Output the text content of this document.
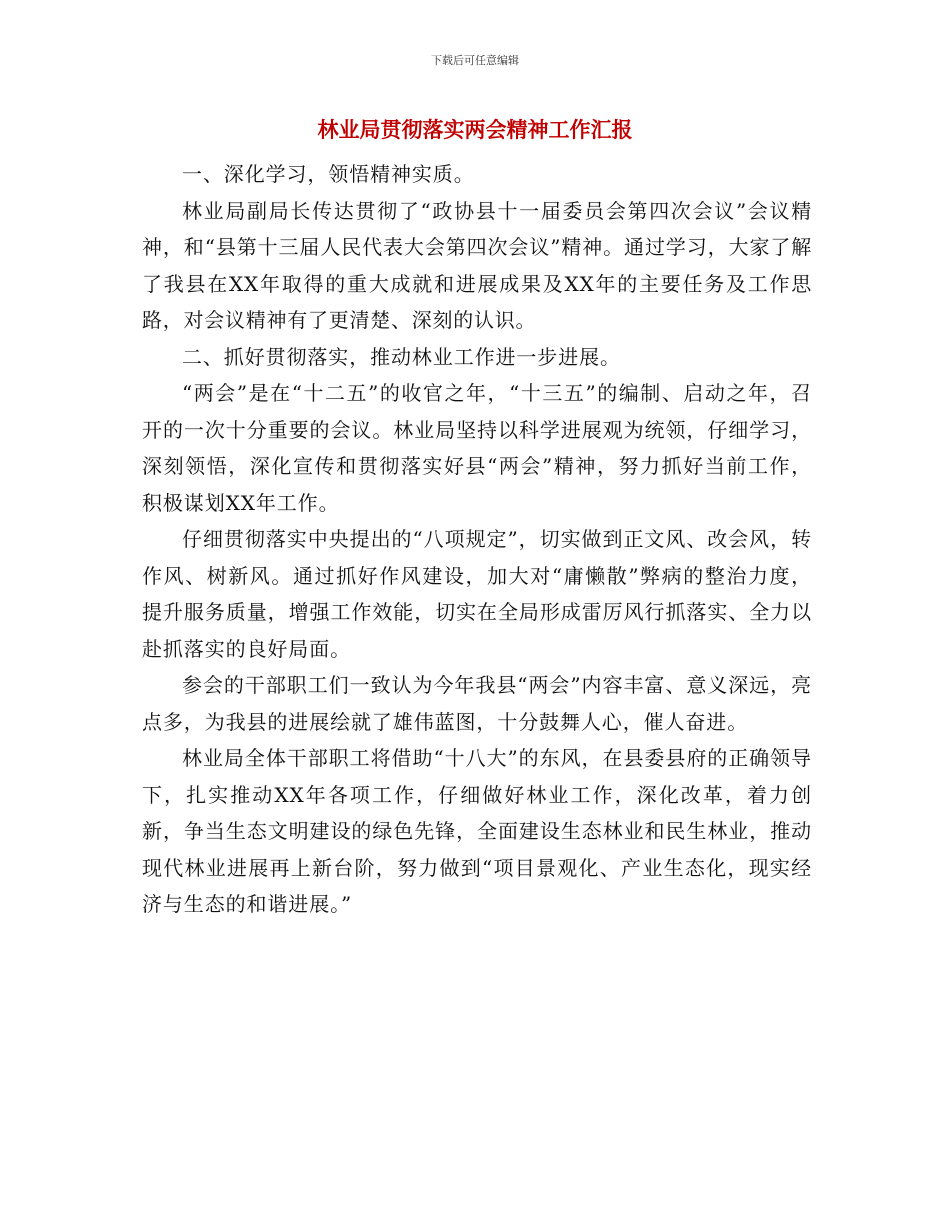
下载后可任意编辑
林业局贯彻落实两会精神工作汇报

一、深化学习，领悟精神实质。

林业局副局长传达贯彻了“政协县十一届委员会第四次会议”会议精神，和“县第十三届人民代表大会第四次会议”精神。通过学习，大家了解了我县在XX年取得的重大成就和进展成果及XX年的主要任务及工作思路，对会议精神有了更清楚、深刻的认识。

二、抓好贯彻落实，推动林业工作进一步进展。

“两会”是在“十二五”的收官之年，“十三五”的编制、启动之年，召开的一次十分重要的会议。林业局坚持以科学进展观为统领，仔细学习，深刻领悟，深化宣传和贯彻落实好县“两会”精神，努力抓好当前工作，积极谋划XX年工作。

仔细贯彻落实中央提出的“八项规定”，切实做到正文风、改会风，转作风、树新风。通过抓好作风建设，加大对“庸懒散”弊病的整治力度，提升服务质量，增强工作效能，切实在全局形成雷厉风行抓落实、全力以赴抓落实的良好局面。

参会的干部职工们一致认为今年我县“两会”内容丰富、意义深远，亮点多，为我县的进展绘就了雄伟蓝图，十分鼓舞人心，催人奋进。

林业局全体干部职工将借助“十八大”的东风，在县委县府的正确领导下，扎实推动XX年各项工作，仔细做好林业工作，深化改革，着力创新，争当生态文明建设的绿色先锋，全面建设生态林业和民生林业，推动现代林业进展再上新台阶，努力做到“项目景观化、产业生态化，现实经济与生态的和谐进展。”
